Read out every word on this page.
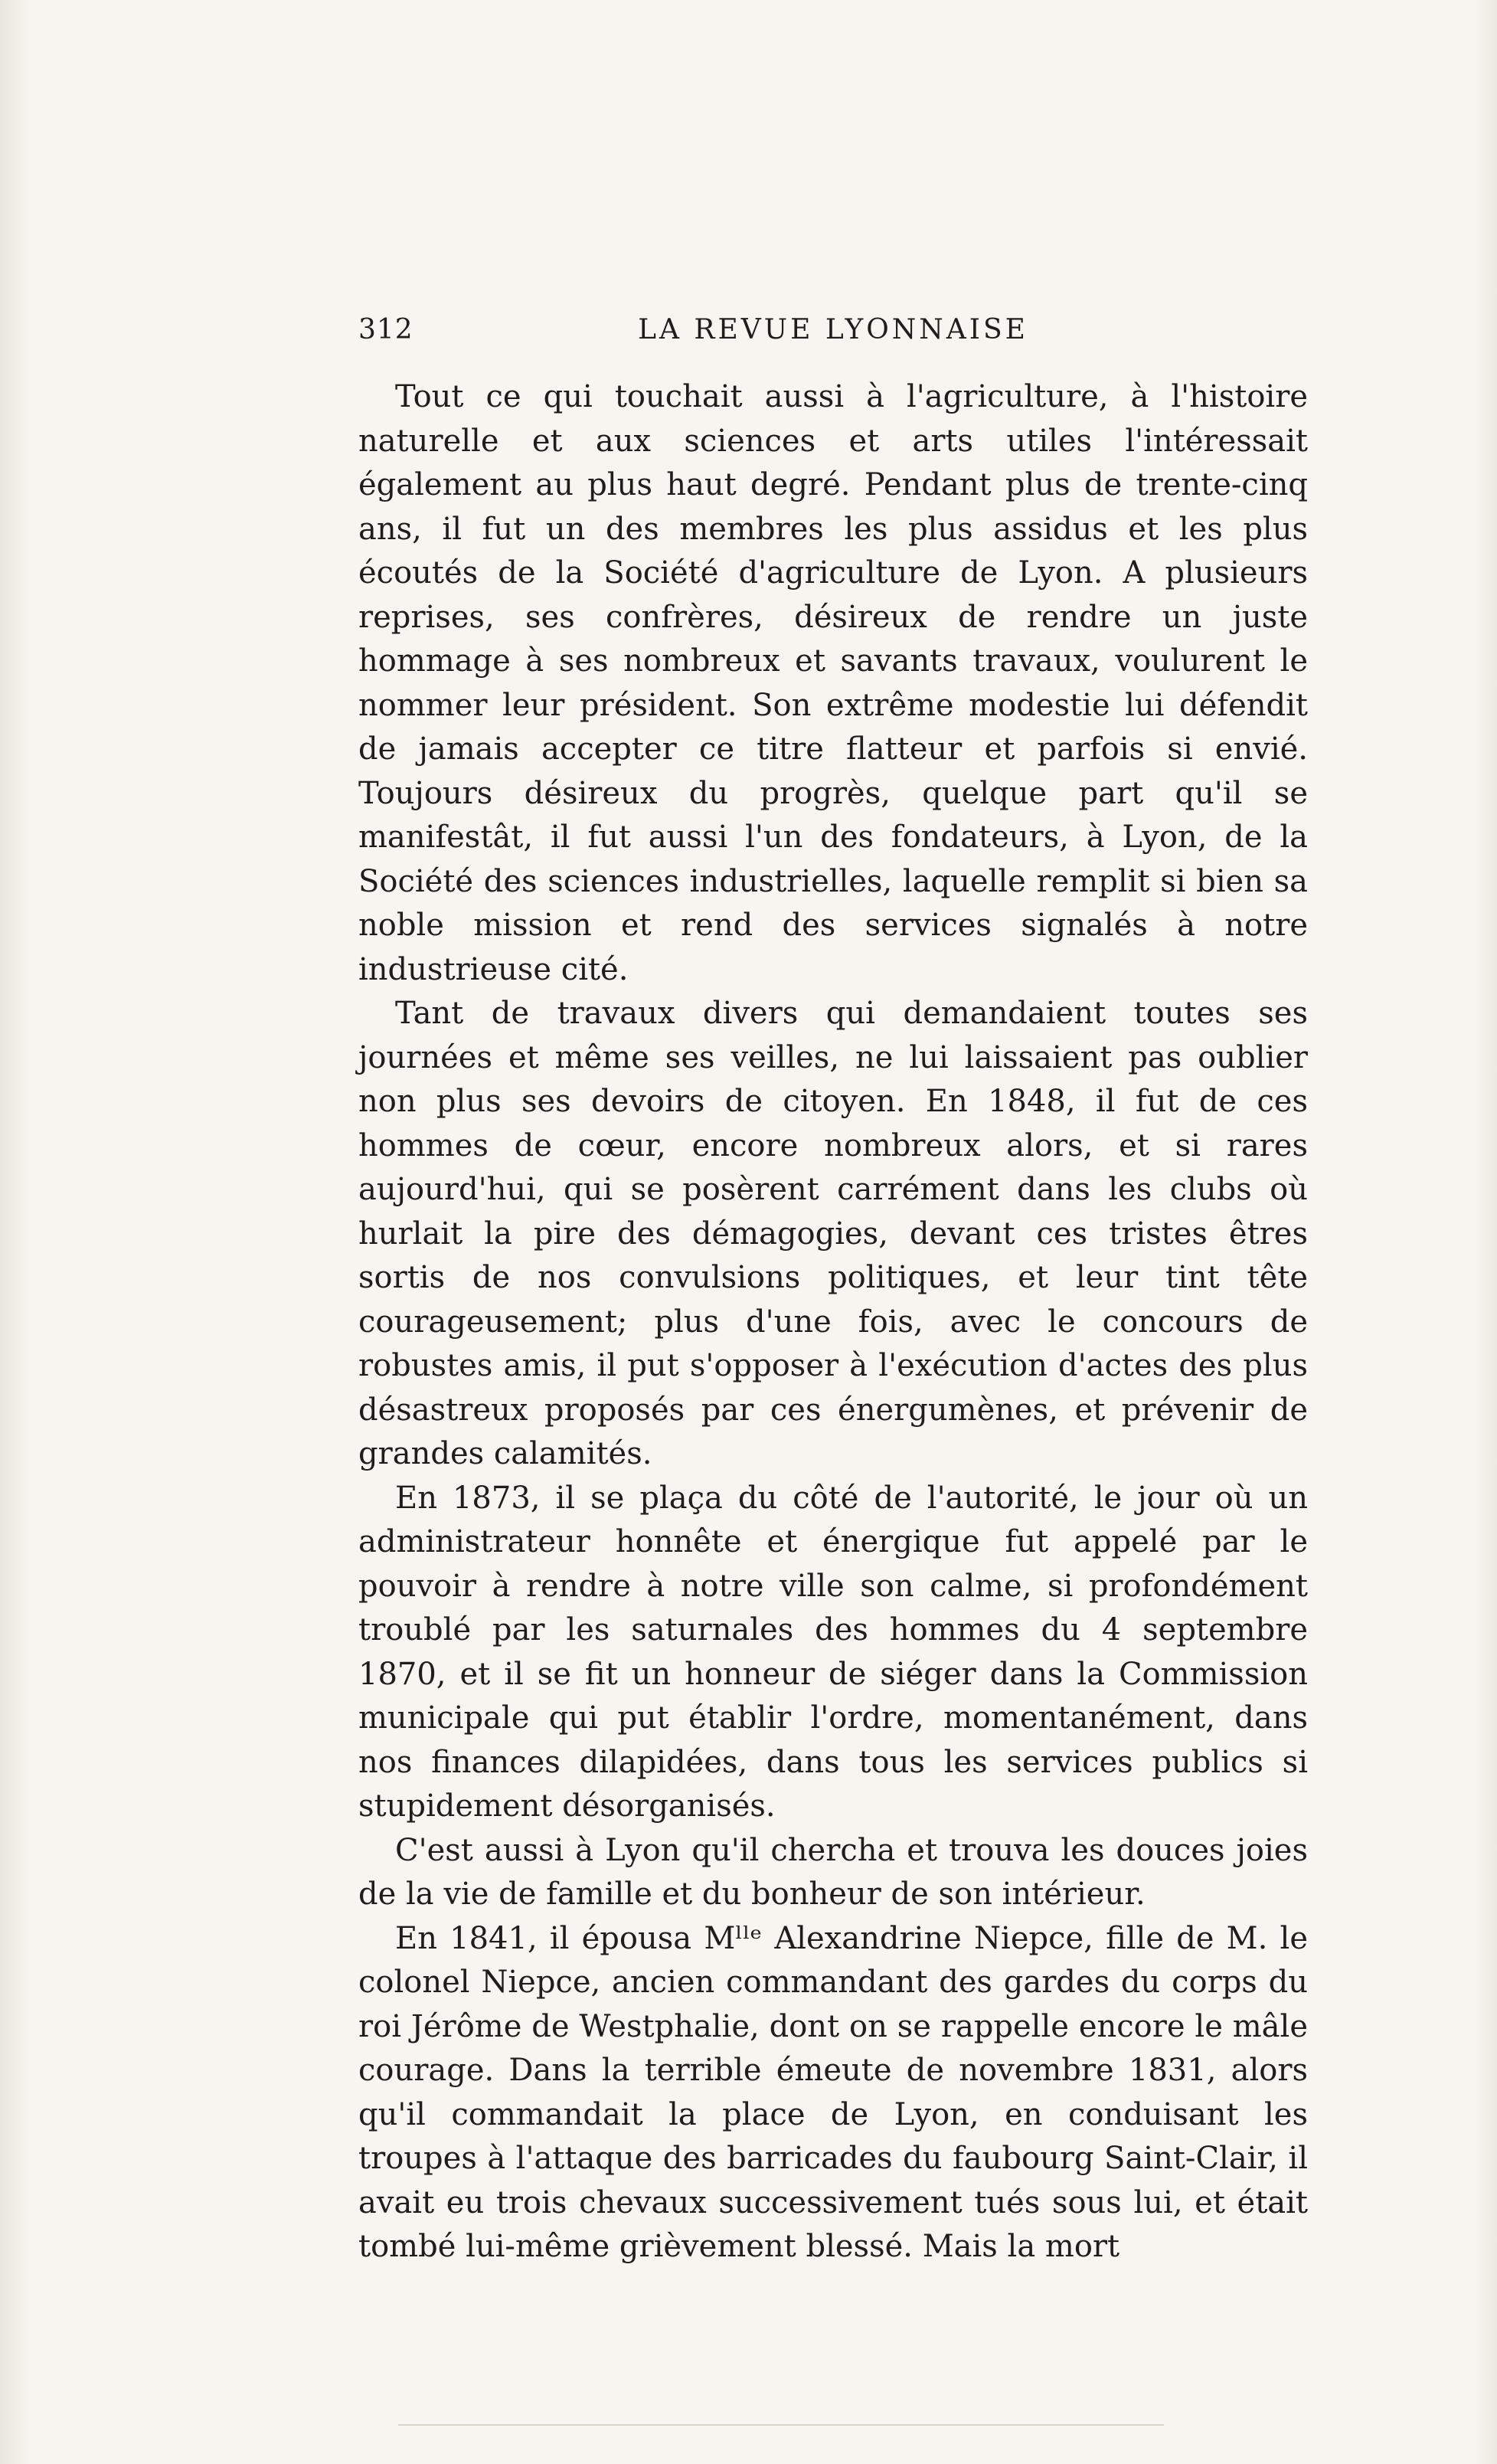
312	LA REVUE LYONNAISE

Tout ce qui touchait aussi à l'agriculture, à l'histoire naturelle et aux sciences et arts utiles l'intéressait également au plus haut degré. Pendant plus de trente-cinq ans, il fut un des membres les plus assidus et les plus écoutés de la Société d'agriculture de Lyon. A plusieurs reprises, ses confrères, désireux de rendre un juste hommage à ses nombreux et savants travaux, voulurent le nommer leur président. Son extrême modestie lui défendit de jamais accepter ce titre flatteur et parfois si envié. Toujours désireux du progrès, quelque part qu'il se manifestât, il fut aussi l'un des fondateurs, à Lyon, de la Société des sciences industrielles, laquelle remplit si bien sa noble mission et rend des services signalés à notre industrieuse cité.

Tant de travaux divers qui demandaient toutes ses journées et même ses veilles, ne lui laissaient pas oublier non plus ses devoirs de citoyen. En 1848, il fut de ces hommes de cœur, encore nombreux alors, et si rares aujourd'hui, qui se posèrent carrément dans les clubs où hurlait la pire des démagogies, devant ces tristes êtres sortis de nos convulsions politiques, et leur tint tête courageusement; plus d'une fois, avec le concours de robustes amis, il put s'opposer à l'exécution d'actes des plus désastreux proposés par ces énergumènes, et prévenir de grandes calamités.

En 1873, il se plaça du côté de l'autorité, le jour où un administrateur honnête et énergique fut appelé par le pouvoir à rendre à notre ville son calme, si profondément troublé par les saturnales des hommes du 4 septembre 1870, et il se fit un honneur de siéger dans la Commission municipale qui put établir l'ordre, momentanément, dans nos finances dilapidées, dans tous les services publics si stupidement désorganisés.

C'est aussi à Lyon qu'il chercha et trouva les douces joies de la vie de famille et du bonheur de son intérieur.

En 1841, il épousa Mˡˡᵉ Alexandrine Niepce, fille de M. le colonel Niepce, ancien commandant des gardes du corps du roi Jérôme de Westphalie, dont on se rappelle encore le mâle courage. Dans la terrible émeute de novembre 1831, alors qu'il commandait la place de Lyon, en conduisant les troupes à l'attaque des barricades du faubourg Saint-Clair, il avait eu trois chevaux successivement tués sous lui, et était tombé lui-même grièvement blessé. Mais la mort
